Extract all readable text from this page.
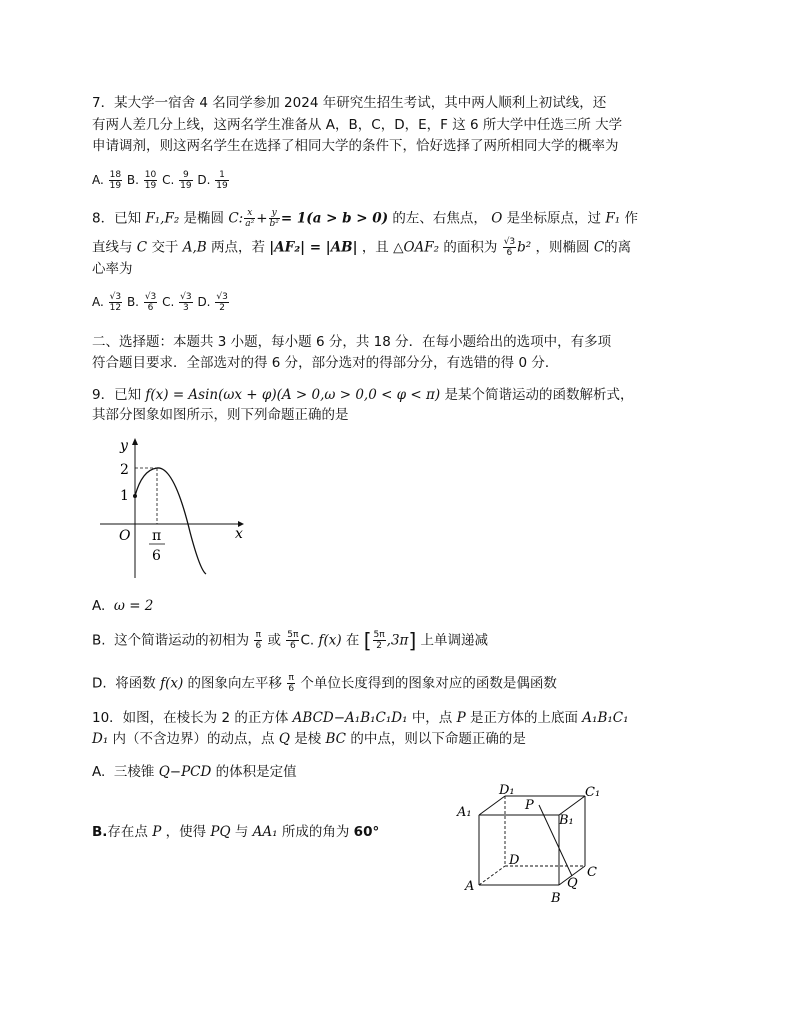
7．某大学一宿舍 4 名同学参加 2024 年研究生招生考试，其中两人顺利上初试线，还
有两人差几分上线，这两名学生准备从 A，B，C，D，E，F 这 6 所大学中任选三所 大学
申请调剂，则这两名学生在选择了相同大学的条件下，恰好选择了两所相同大学的概率为
A. $\frac{18}{19} B$. $\frac{10}{19} C$. $\frac{9}{19} D$. $\frac{1}{19}$
8．已知 F₁,F₂ 是椭圆 C: $\frac{x}{\text{a²}} + \frac{y}{\text{b²}} = 1(a > b > 0)$ 的左、右焦点， O 是坐标原点，过 F₁ 作
直线与 C 交于 A,B 两点，若 |AF₂| = |AB| ，且 △OAF₂ 的面积为 $\frac{√3}{6} b^2$ ，则椭圆 C的离
心率为
A. $\frac{√3}{12} B$. $\frac{√3}{6} C$. $\frac{√3}{3} D$. $\frac{√3}{2}$
二、选择题：本题共 3 小题，每小题 6 分，共 18 分．在每小题给出的选项中，有多项
符合题目要求．全部选对的得 6 分，部分选对的得部分分，有选错的得 0 分．
9．已知 f(x) = Asin(ωx + φ)(A > 0,ω > 0,0 < φ < π) 是某个简谐运动的函数解析式，
其部分图象如图所示，则下列命题正确的是
y
x
O
2
1
π
6
A. ω = 2
B. 这个简谐运动的初相为 $\frac{\pi}{6}$ 或 $\frac{5\pi}{6} C$. f(x) 在 [ $\frac{5\pi}{2} ,3\pi$] 上单调递减
D. 将函数 f(x) 的图象向左平移 $\frac{\pi}{6}$ 个单位长度得到的图象对应的函数是偶函数
10．如图，在棱长为 2 的正方体 ABCD−A₁B₁C₁D₁ 中，点 P 是正方体的上底面 A₁B₁C₁
D₁ 内（不含边界）的动点，点 Q 是棱 BC 的中点，则以下命题正确的是
A. 三棱锥 Q−PCD 的体积是定值
B.存在点 P ，使得 PQ 与 AA₁ 所成的角为 60°
D₁	C₁
A₁
B₁
P
D
C
A
B
Q
